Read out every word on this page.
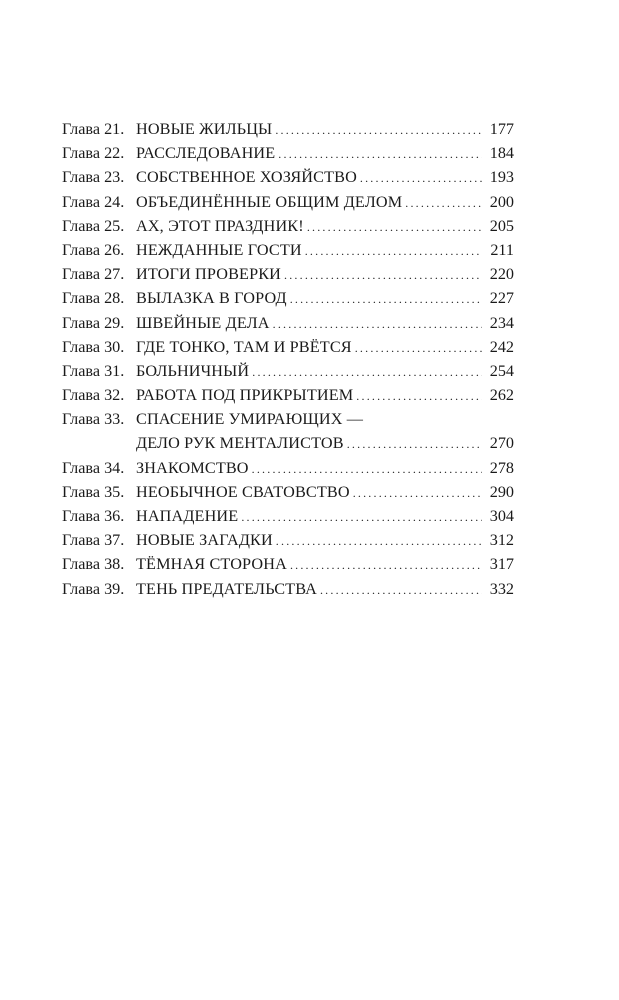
Глава 21. НОВЫЕ ЖИЛЬЦЫ .....	177
Глава 22. РАССЛЕДОВАНИЕ .....	184
Глава 23. СОБСТВЕННОЕ ХОЗЯЙСТВО .....	193
Глава 24. ОБЪЕДИНЁННЫЕ ОБЩИМ ДЕЛОМ .....	200
Глава 25. АХ, ЭТОТ ПРАЗДНИК! .....	205
Глава 26. НЕЖДАННЫЕ ГОСТИ .....	211
Глава 27. ИТОГИ ПРОВЕРКИ .....	220
Глава 28. ВЫЛАЗКА В ГОРОД .....	227
Глава 29. ШВЕЙНЫЕ ДЕЛА .....	234
Глава 30. ГДЕ ТОНКО, ТАМ И РВЁТСЯ .....	242
Глава 31. БОЛЬНИЧНЫЙ .....	254
Глава 32. РАБОТА ПОД ПРИКРЫТИЕМ .....	262
Глава 33. СПАСЕНИЕ УМИРАЮЩИХ —
ДЕЛО РУК МЕНТАЛИСТОВ .....	270
Глава 34. ЗНАКОМСТВО .....	278
Глава 35. НЕОБЫЧНОЕ СВАТОВСТВО .....	290
Глава 36. НАПАДЕНИЕ .....	304
Глава 37. НОВЫЕ ЗАГАДКИ .....	312
Глава 38. ТЁМНАЯ СТОРОНА .....	317
Глава 39. ТЕНЬ ПРЕДАТЕЛЬСТВА .....	332
